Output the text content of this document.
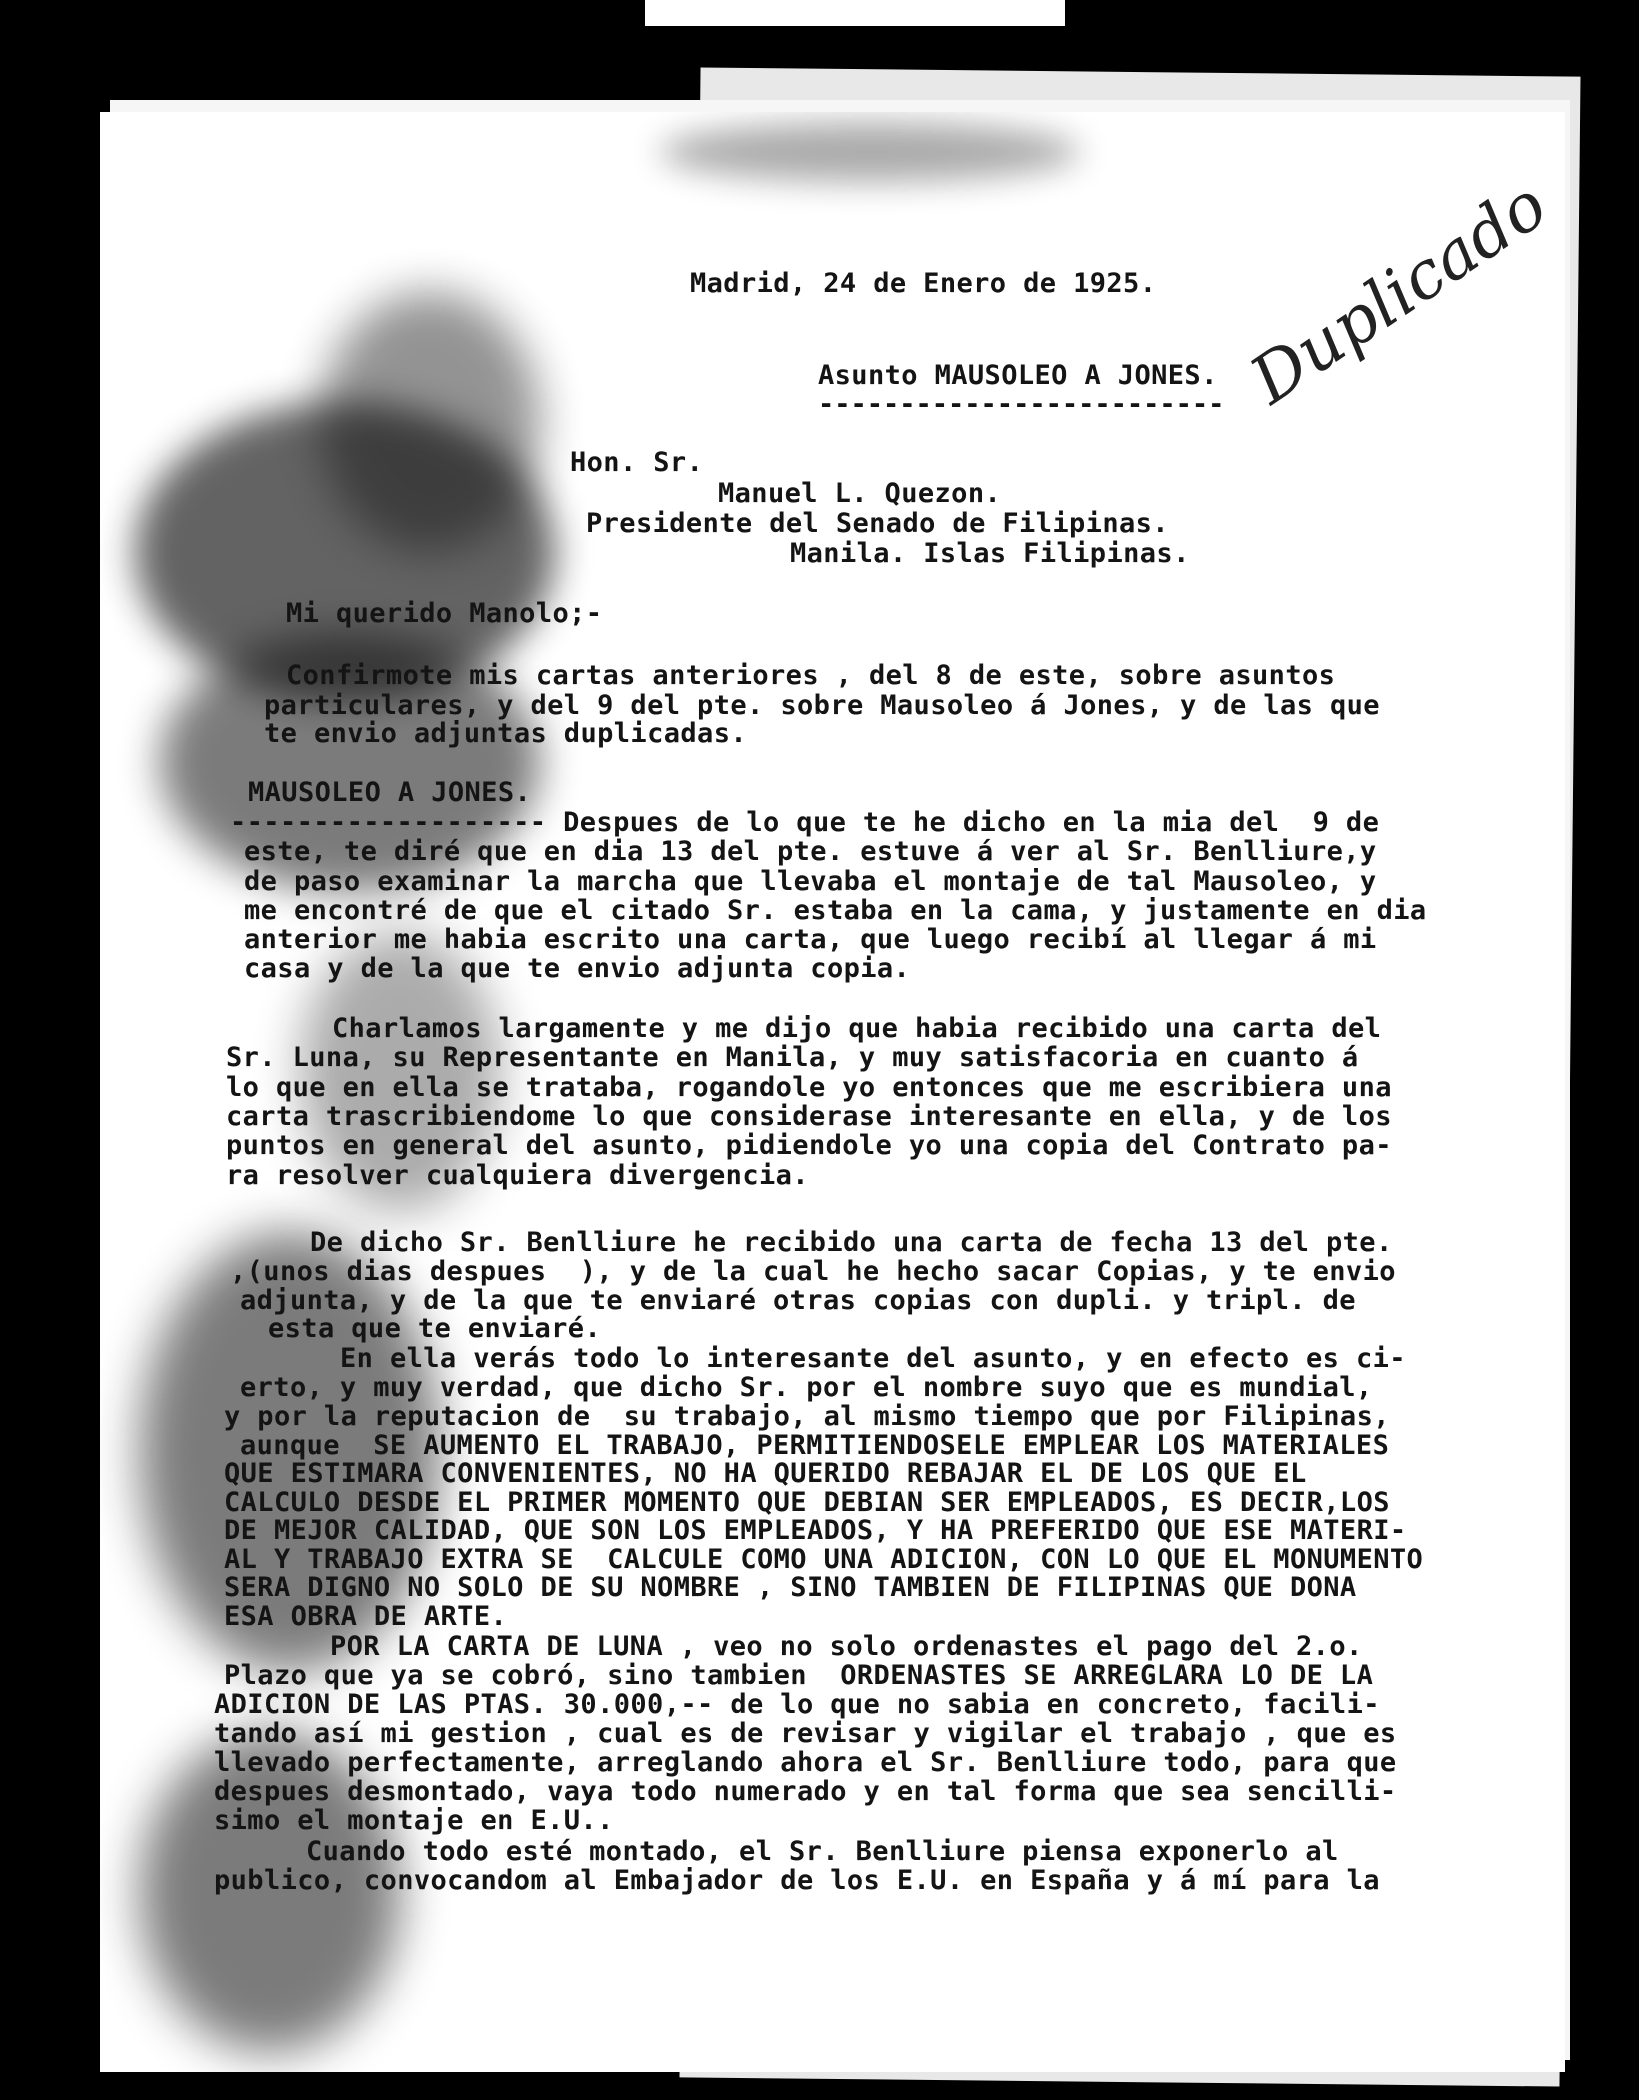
Madrid, 24 de Enero de 1925.
Asunto MAUSOLEO A JONES.
------------------------- Duplicado
Hon. Sr.
Manuel L. Quezon.
Presidente del Senado de Filipinas.
Manila. Islas Filipinas.
Mi querido Manolo;-
Confirmote mis cartas anteriores , del 8 de este, sobre asuntos
particulares, y del 9 del pte. sobre Mausoleo á Jones, y de las que
te envio adjuntas duplicadas.
MAUSOLEO A JONES.
------------------- Despues de lo que te he dicho en la mia del  9 de
este, te diré que en dia 13 del pte. estuve á ver al Sr. Benlliure,y
de paso examinar la marcha que llevaba el montaje de tal Mausoleo, y
me encontré de que el citado Sr. estaba en la cama, y justamente en dia
anterior me habia escrito una carta, que luego recibí al llegar á mi
casa y de la que te envio adjunta copia.
Charlamos largamente y me dijo que habia recibido una carta del
Sr. Luna, su Representante en Manila, y muy satisfacoria en cuanto á
lo que en ella se trataba, rogandole yo entonces que me escribiera una
carta trascribiendome lo que considerase interesante en ella, y de los
puntos en general del asunto, pidiendole yo una copia del Contrato pa-
ra resolver cualquiera divergencia.
De dicho Sr. Benlliure he recibido una carta de fecha 13 del pte.
,(unos dias despues  ), y de la cual he hecho sacar Copias, y te envio
adjunta, y de la que te enviaré otras copias con dupli. y tripl. de
esta que te enviaré.
En ella verás todo lo interesante del asunto, y en efecto es ci-
erto, y muy verdad, que dicho Sr. por el nombre suyo que es mundial,
y por la reputacion de  su trabajo, al mismo tiempo que por Filipinas,
aunque  SE AUMENTO EL TRABAJO, PERMITIENDOSELE EMPLEAR LOS MATERIALES
QUE ESTIMARA CONVENIENTES, NO HA QUERIDO REBAJAR EL DE LOS QUE EL
CALCULO DESDE EL PRIMER MOMENTO QUE DEBIAN SER EMPLEADOS, ES DECIR,LOS
DE MEJOR CALIDAD, QUE SON LOS EMPLEADOS, Y HA PREFERIDO QUE ESE MATERI-
AL Y TRABAJO EXTRA SE  CALCULE COMO UNA ADICION, CON LO QUE EL MONUMENTO
SERA DIGNO NO SOLO DE SU NOMBRE , SINO TAMBIEN DE FILIPINAS QUE DONA
ESA OBRA DE ARTE.
POR LA CARTA DE LUNA , veo no solo ordenastes el pago del 2.o.
Plazo que ya se cobró, sino tambien  ORDENASTES SE ARREGLARA LO DE LA
ADICION DE LAS PTAS. 30.000,-- de lo que no sabia en concreto, facili-
tando así mi gestion , cual es de revisar y vigilar el trabajo , que es
llevado perfectamente, arreglando ahora el Sr. Benlliure todo, para que
despues desmontado, vaya todo numerado y en tal forma que sea sencilli-
simo el montaje en E.U..
Cuando todo esté montado, el Sr. Benlliure piensa exponerlo al
publico, convocandom al Embajador de los E.U. en España y á mí para la
